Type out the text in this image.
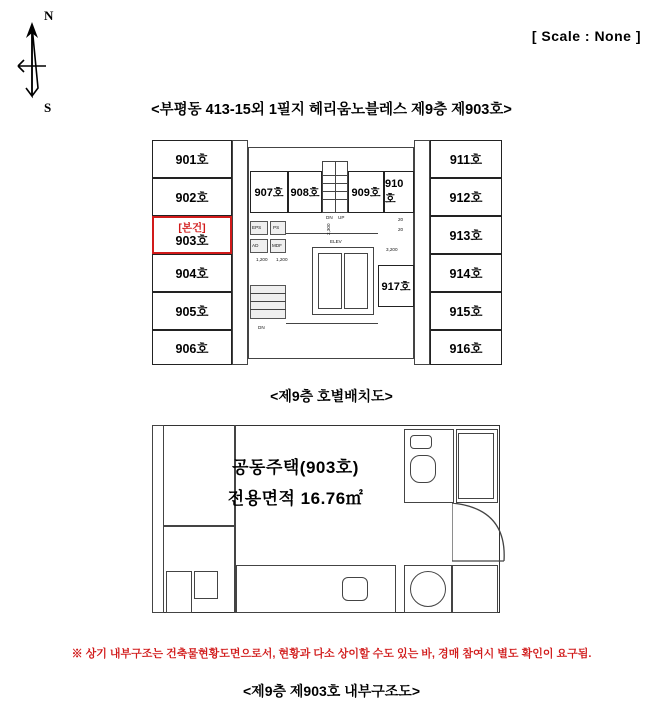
N
S
[ Scale : None ]
<부평동 413-15외 1필지 헤리움노블레스 제9층 제903호>
901호
902호
[본건]
903호
904호
905호
906호
911호
912호
913호
914호
915호
916호
907호 908호	909호
910호
917호
DN UP
ELEV
DN
EPS	PS
AD	MDF
2,300
1,200 1,200
3,200
20
20
<제9층 호별배치도>
공동주택(903호)
전용면적 16.76㎡
※ 상기 내부구조는 건축물현황도면으로서, 현황과 다소 상이할 수도 있는 바, 경매 참여시 별도 확인이 요구됨.
<제9층 제903호 내부구조도>
